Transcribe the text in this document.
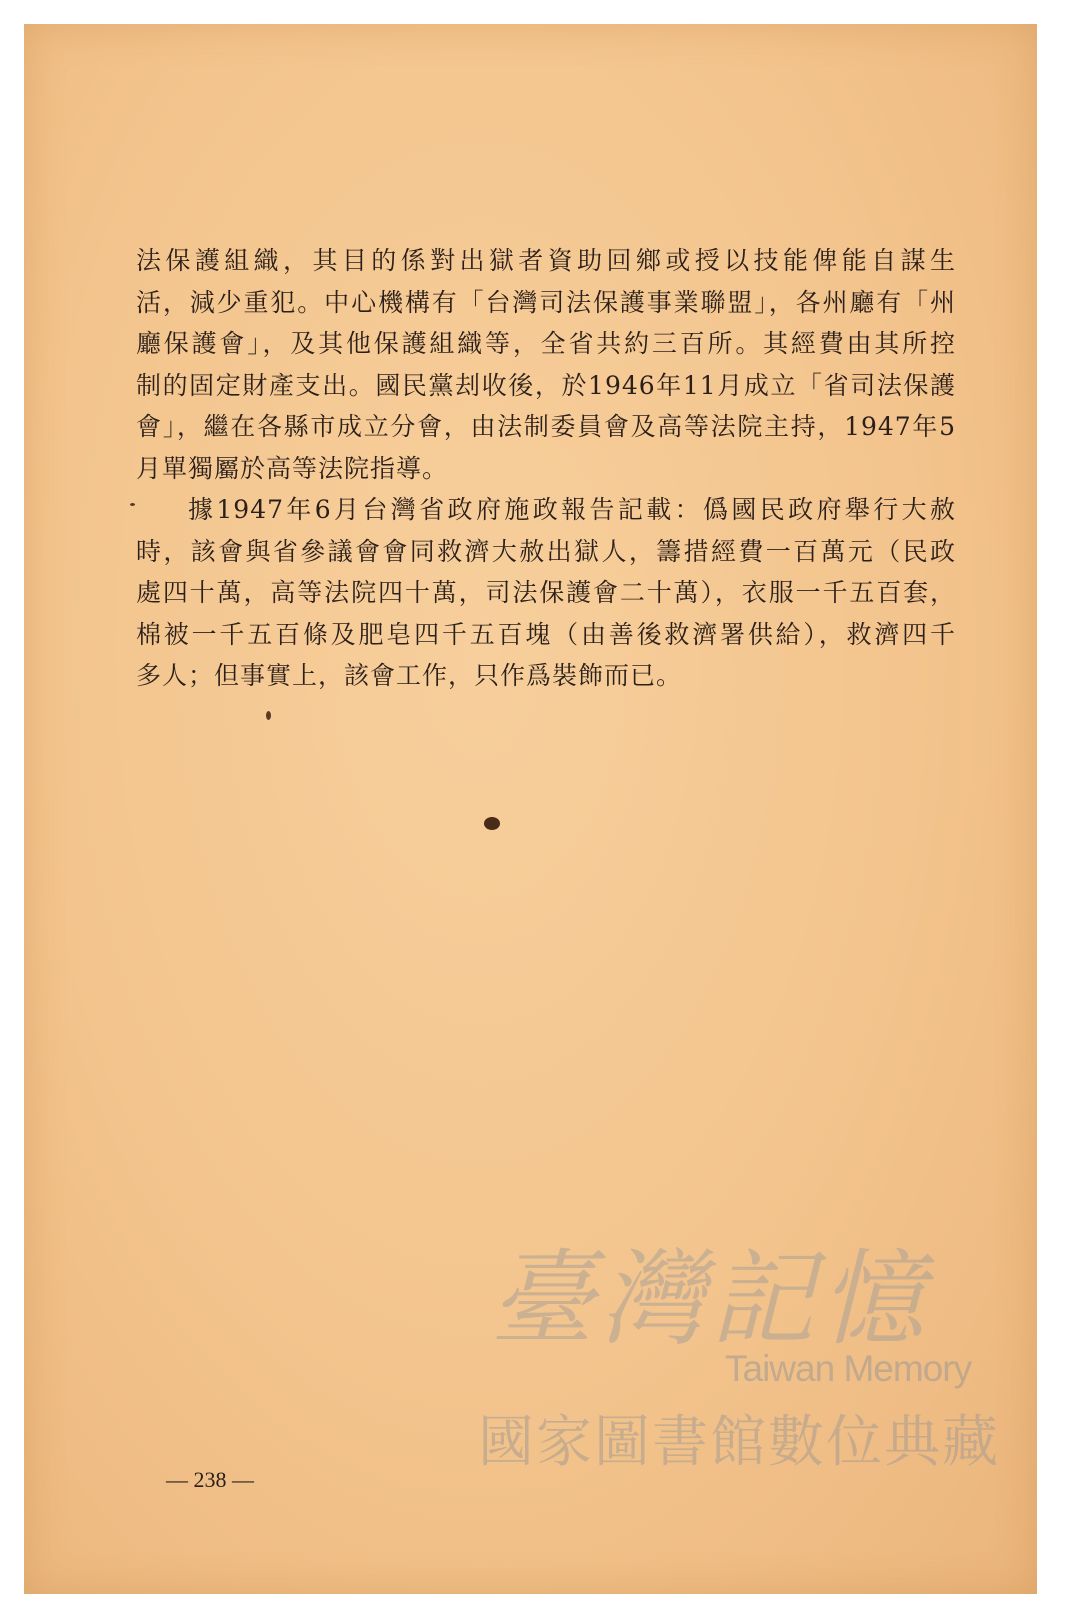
法保護組織，其目的係對出獄者資助回鄉或授以技能俾能自謀生
活，減少重犯。中心機構有「台灣司法保護事業聯盟」，各州廳有「州
廳保護會」，及其他保護組織等，全省共約三百所。其經費由其所控
制的固定財產支出。國民黨刦收後，於1946年11月成立「省司法保護
會」，繼在各縣市成立分會，由法制委員會及高等法院主持，1947年5
月單獨屬於高等法院指導。
據1947年6月台灣省政府施政報告記載：僞國民政府舉行大赦
時，該會與省參議會會同救濟大赦出獄人，籌措經費一百萬元（民政
處四十萬，高等法院四十萬，司法保護會二十萬），衣服一千五百套，
棉被一千五百條及肥皂四千五百塊（由善後救濟署供給），救濟四千
多人；但事實上，該會工作，只作爲裝飾而已。
— 238 —
臺灣記憶
Taiwan Memory
國家圖書館數位典藏
